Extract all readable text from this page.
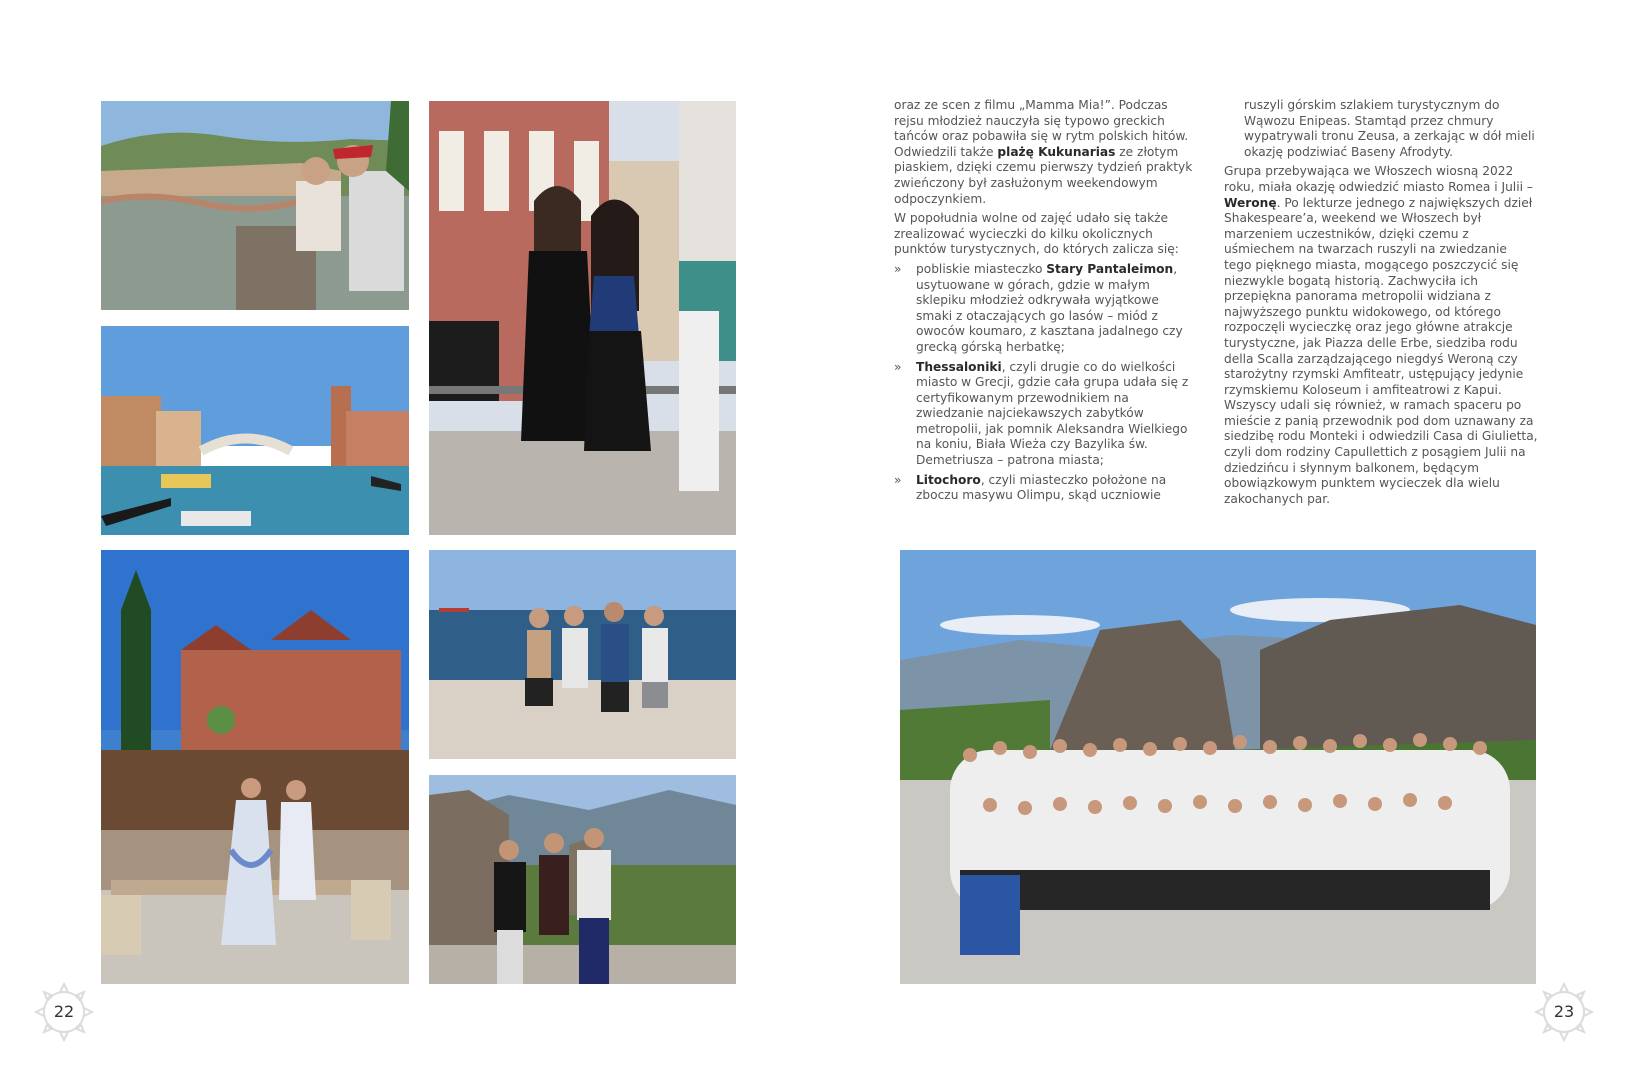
oraz ze scen z filmu „Mamma Mia!”. Podczas rejsu młodzież nauczyła się typowo greckich tańców oraz pobawiła się w rytm polskich hitów. Odwiedzili także plażę Kukunarias ze złotym piaskiem, dzięki czemu pierwszy tydzień praktyk zwieńczony był zasłużonym weekendowym odpoczynkiem.

W popołudnia wolne od zajęć udało się także zrealizować wycieczki do kilku okolicznych punktów turystycznych, do których zalicza się:

» pobliskie miasteczko Stary Pantaleimon, usytuowane w górach, gdzie w małym sklepiku młodzież odkrywała wyjątkowe smaki z otaczających go lasów – miód z owoców koumaro, z kasztana jadalnego czy grecką górską herbatkę;
» Thessaloniki, czyli drugie co do wielkości miasto w Grecji, gdzie cała grupa udała się z certyfikowanym przewodnikiem na zwiedzanie najciekawszych zabytków metropolii, jak pomnik Aleksandra Wielkiego na koniu, Biała Wieża czy Bazylika św. Demetriusza – patrona miasta;
» Litochoro, czyli miasteczko położone na zboczu masywu Olimpu, skąd uczniowie

ruszyli górskim szlakiem turystycznym do Wąwozu Enipeas. Stamtąd przez chmury wypatrywali tronu Zeusa, a zerkając w dół mieli okazję podziwiać Baseny Afrodyty.

Grupa przebywająca we Włoszech wiosną 2022 roku, miała okazję odwiedzić miasto Romea i Julii – Weronę. Po lekturze jednego z największych dzieł Shakespeare’a, weekend we Włoszech był marzeniem uczestników, dzięki czemu z uśmiechem na twarzach ruszyli na zwiedzanie tego pięknego miasta, mogącego poszczycić się niezwykle bogatą historią. Zachwyciła ich przepiękna panorama metropolii widziana z najwyższego punktu widokowego, od którego rozpoczęli wycieczkę oraz jego główne atrakcje turystyczne, jak Piazza delle Erbe, siedziba rodu della Scalla zarządzającego niegdyś Weroną czy starożytny rzymski Amfiteatr, ustępujący jedynie rzymskiemu Koloseum i amfiteatrowi z Kapui. Wszyscy udali się również, w ramach spaceru po mieście z panią przewodnik pod dom uznawany za siedzibę rodu Monteki i odwiedzili Casa di Giulietta, czyli dom rodziny Capullettich z posągiem Julii na dziedzińcu i słynnym balkonem, będącym obowiązkowym punktem wycieczek dla wielu zakochanych par.

22	23
